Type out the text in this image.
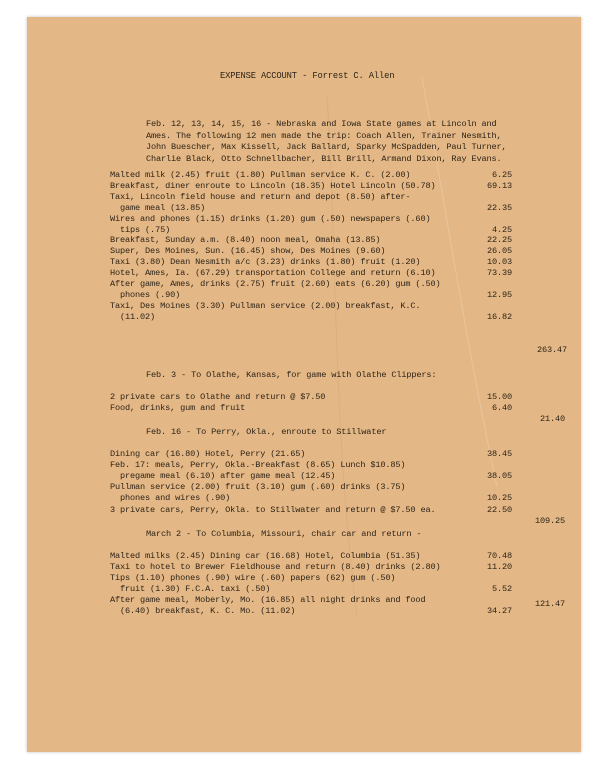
EXPENSE ACCOUNT - Forrest C. Allen
Feb. 12, 13, 14, 15, 16 - Nebraska and Iowa State games at Lincoln and Ames. The following 12 men made the trip: Coach Allen, Trainer Nesmith, John Buescher, Max Kissell, Jack Ballard, Sparky McSpadden, Paul Turner, Charlie Black, Otto Schnellbacher, Bill Brill, Armand Dixon, Ray Evans.
Malted milk (2.45) fruit (1.80) Pullman service K. C. (2.00)	6.25
Breakfast, diner enroute to Lincoln (18.35) Hotel Lincoln (50.78)	69.13
Taxi, Lincoln field house and return and depot (8.50) after-
game meal (13.85)	22.35
Wires and phones (1.15) drinks (1.20) gum (.50) newspapers (.60)
tips (.75)	4.25
Breakfast, Sunday a.m. (8.40) noon meal, Omaha (13.85)	22.25
Super, Des Moines, Sun. (16.45) show, Des Moines (9.60)	26.05
Taxi (3.80) Dean Nesmith a/c (3.23) drinks (1.80) fruit (1.20)	10.03
Hotel, Ames, Ia. (67.29) transportation College and return (6.10)	73.39
After game, Ames, drinks (2.75) fruit (2.60) eats (6.20) gum (.50)
phones (.90)	12.95
Taxi, Des Moines (3.30) Pullman service (2.00) breakfast, K.C.
(11.02)	16.82
263.47
Feb. 3 - To Olathe, Kansas, for game with Olathe Clippers:
2 private cars to Olathe and return @ $7.50	15.00
Food, drinks, gum and fruit	6.40
21.40
Feb. 16 - To Perry, Okla., enroute to Stillwater
Dining car (16.80) Hotel, Perry (21.65)	38.45
Feb. 17: meals, Perry, Okla.-Breakfast (8.65) Lunch $10.85)
pregame meal (6.10) after game meal (12.45)	38.05
Pullman service (2.00) fruit (3.10) gum (.60) drinks (3.75)
phones and wires (.90)	10.25
3 private cars, Perry, Okla. to Stillwater and return @ $7.50 ea.	22.50
109.25
March 2 - To Columbia, Missouri, chair car and return -
Malted milks (2.45) Dining car (16.68) Hotel, Columbia (51.35)	70.48
Taxi to hotel to Brewer Fieldhouse and return (8.40) drinks (2.80)	11.20
Tips (1.10) phones (.90) wire (.60) papers (62) gum (.50)
fruit (1.30) F.C.A. taxi (.50)	5.52
After game meal, Moberly, Mo. (16.85) all night drinks and food
(6.40) breakfast, K. C. Mo. (11.02)	34.27
121.47
